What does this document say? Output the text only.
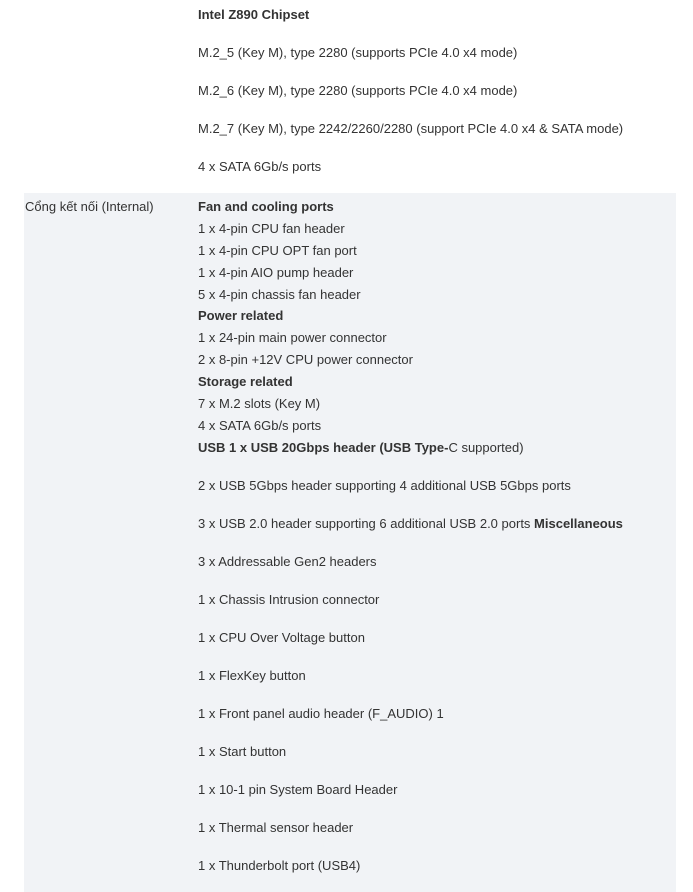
Intel Z890 Chipset
M.2_5 (Key M), type 2280 (supports PCIe 4.0 x4 mode)
M.2_6 (Key M), type 2280 (supports PCIe 4.0 x4 mode)
M.2_7 (Key M), type 2242/2260/2280 (support PCIe 4.0 x4 & SATA mode)
4 x SATA 6Gb/s ports
Cổng kết nối (Internal)	Fan and cooling ports
1 x 4-pin CPU fan header
1 x 4-pin CPU OPT fan port
1 x 4-pin AIO pump header
5 x 4-pin chassis fan header
Power related
1 x 24-pin main power connector
2 x 8-pin +12V CPU power connector
Storage related
7 x M.2 slots (Key M)
4 x SATA 6Gb/s ports
USB 1 x USB 20Gbps header (USB Type-C supported)
2 x USB 5Gbps header supporting 4 additional USB 5Gbps ports
3 x USB 2.0 header supporting 6 additional USB 2.0 ports Miscellaneous
3 x Addressable Gen2 headers
1 x Chassis Intrusion connector
1 x CPU Over Voltage button
1 x FlexKey button
1 x Front panel audio header (F_AUDIO) 1
1 x Start button
1 x 10-1 pin System Board Header
1 x Thermal sensor header
1 x Thunderbolt port (USB4)
